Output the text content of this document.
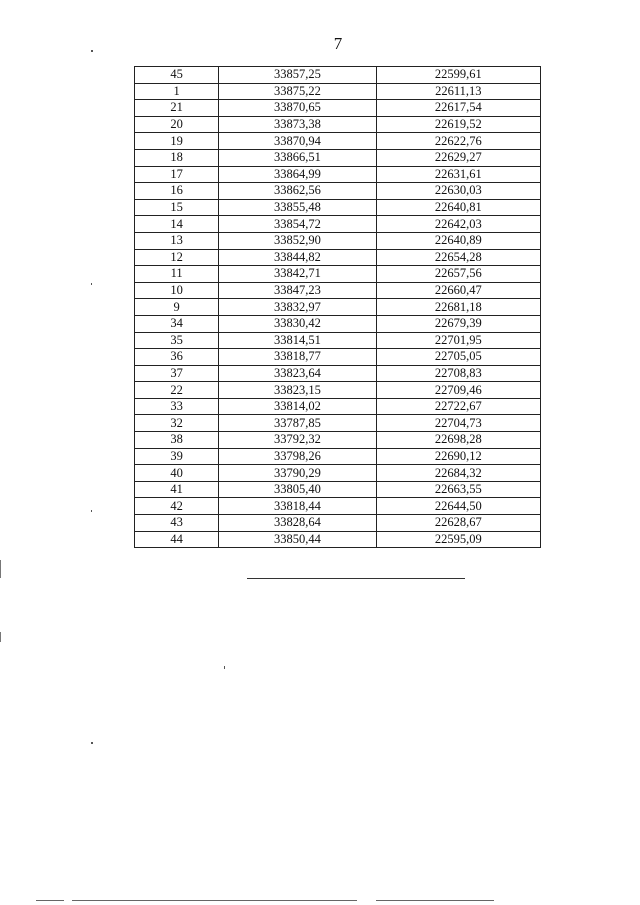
7
45	33857,25	22599,61
1	33875,22	22611,13
21	33870,65	22617,54
20	33873,38	22619,52
19	33870,94	22622,76
18	33866,51	22629,27
17	33864,99	22631,61
16	33862,56	22630,03
15	33855,48	22640,81
14	33854,72	22642,03
13	33852,90	22640,89
12	33844,82	22654,28
11	33842,71	22657,56
10	33847,23	22660,47
9	33832,97	22681,18
34	33830,42	22679,39
35	33814,51	22701,95
36	33818,77	22705,05
37	33823,64	22708,83
22	33823,15	22709,46
33	33814,02	22722,67
32	33787,85	22704,73
38	33792,32	22698,28
39	33798,26	22690,12
40	33790,29	22684,32
41	33805,40	22663,55
42	33818,44	22644,50
43	33828,64	22628,67
44	33850,44	22595,09
